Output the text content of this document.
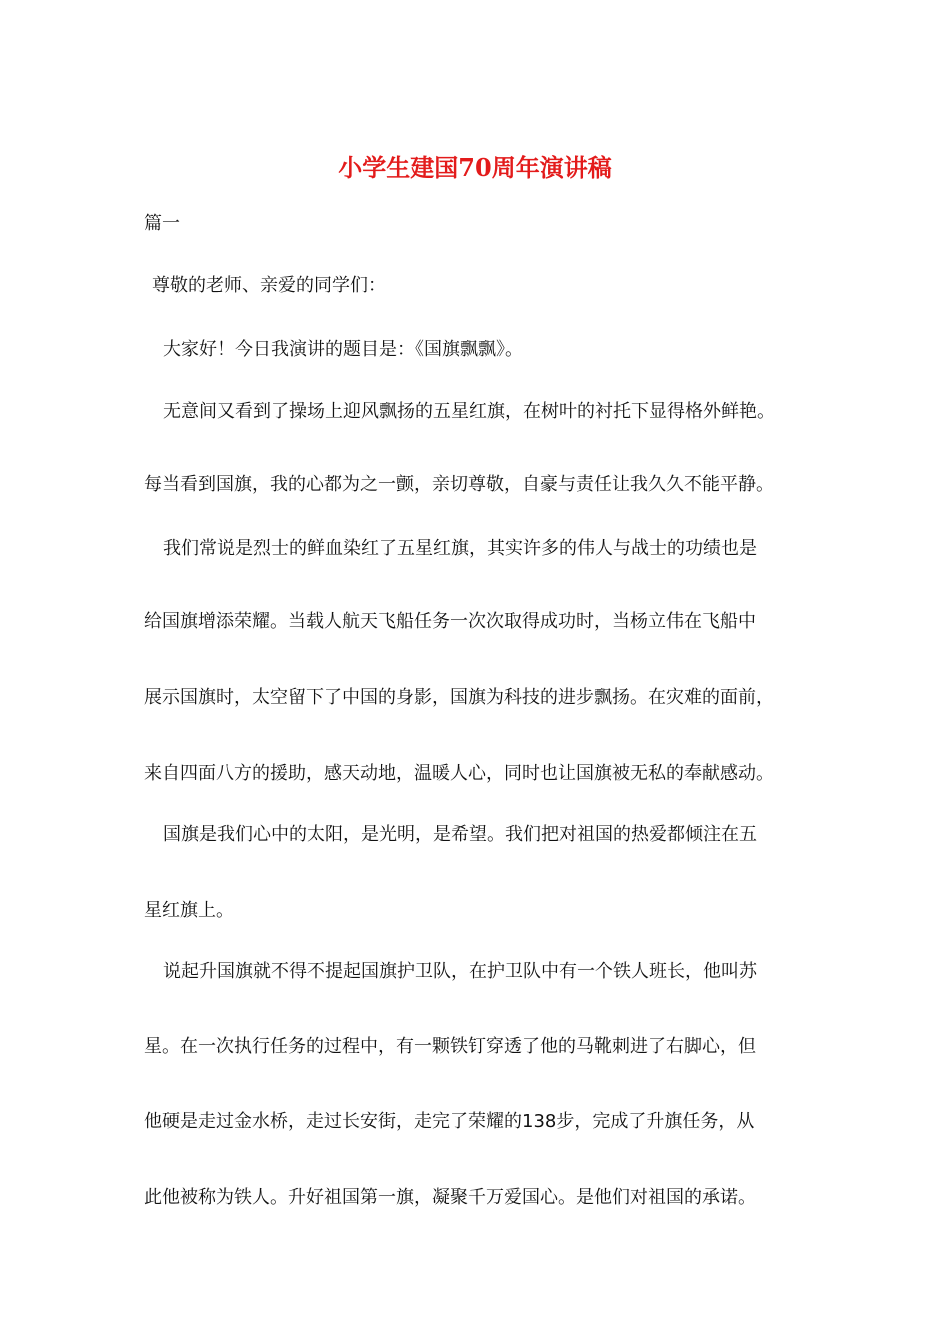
小学生建国70周年演讲稿
篇一
尊敬的老师、亲爱的同学们：
大家好！今日我演讲的题目是：《国旗飘飘》。
无意间又看到了操场上迎风飘扬的五星红旗，在树叶的衬托下显得格外鲜艳。
每当看到国旗，我的心都为之一颤，亲切尊敬，自豪与责任让我久久不能平静。
我们常说是烈士的鲜血染红了五星红旗，其实许多的伟人与战士的功绩也是
给国旗增添荣耀。当载人航天飞船任务一次次取得成功时，当杨立伟在飞船中
展示国旗时，太空留下了中国的身影，国旗为科技的进步飘扬。在灾难的面前，
来自四面八方的援助，感天动地，温暖人心，同时也让国旗被无私的奉献感动。
国旗是我们心中的太阳，是光明，是希望。我们把对祖国的热爱都倾注在五
星红旗上。
说起升国旗就不得不提起国旗护卫队，在护卫队中有一个铁人班长，他叫苏
星。在一次执行任务的过程中，有一颗铁钉穿透了他的马靴刺进了右脚心，但
他硬是走过金水桥，走过长安街，走完了荣耀的138步，完成了升旗任务，从
此他被称为铁人。升好祖国第一旗，凝聚千万爱国心。是他们对祖国的承诺。
